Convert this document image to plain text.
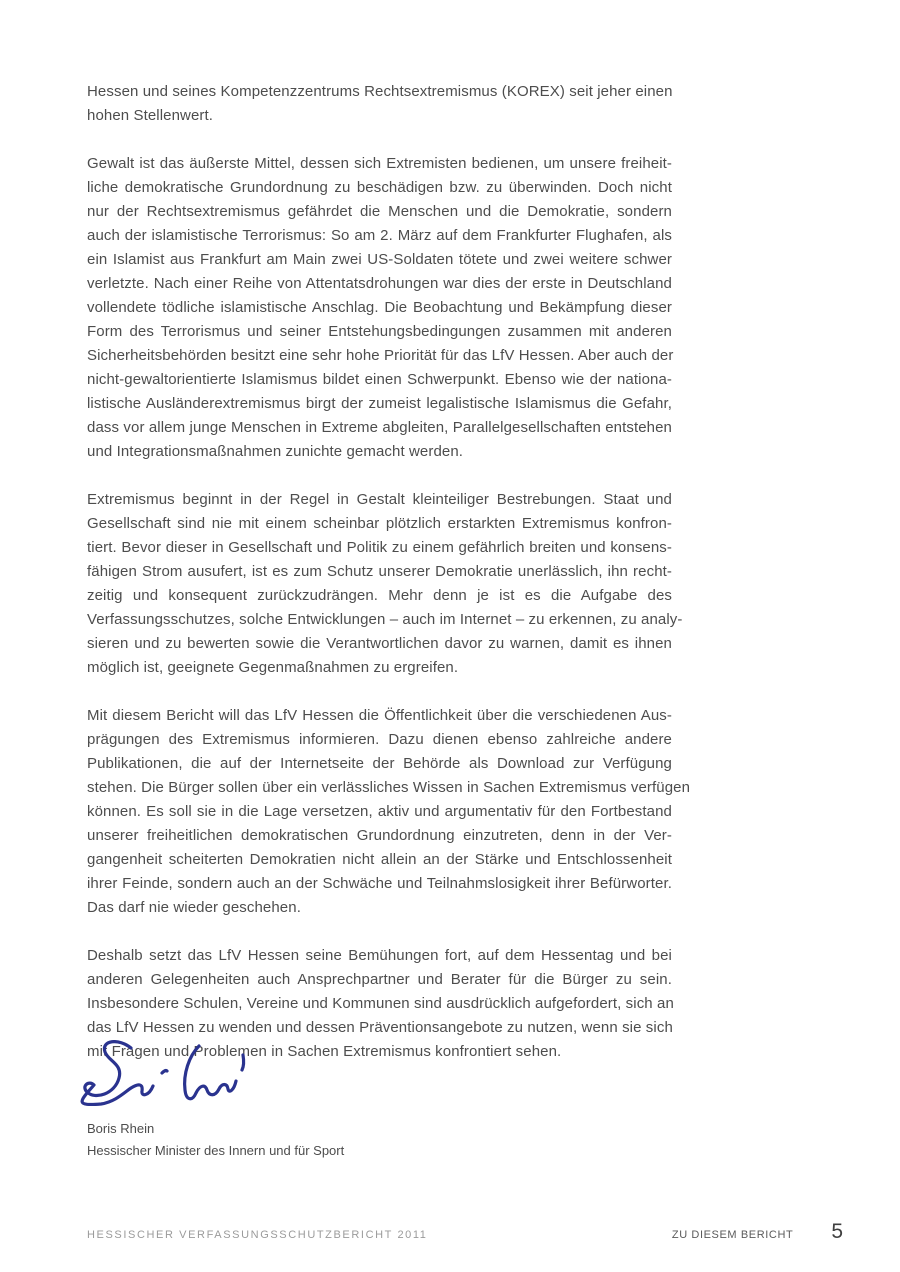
Hessen und seines Kompetenzzentrums Rechtsextremismus (KOREX) seit jeher einen
hohen Stellenwert.
Gewalt ist das äußerste Mittel, dessen sich Extremisten bedienen, um unsere freiheit-
liche demokratische Grundordnung zu beschädigen bzw. zu überwinden. Doch nicht
nur der Rechtsextremismus gefährdet die Menschen und die Demokratie, sondern
auch der islamistische Terrorismus: So am 2. März auf dem Frankfurter Flughafen, als
ein Islamist aus Frankfurt am Main zwei US-Soldaten tötete und zwei weitere schwer
verletzte. Nach einer Reihe von Attentatsdrohungen war dies der erste in Deutschland
vollendete tödliche islamistische Anschlag. Die Beobachtung und Bekämpfung dieser
Form des Terrorismus und seiner Entstehungsbedingungen zusammen mit anderen
Sicherheitsbehörden besitzt eine sehr hohe Priorität für das LfV Hessen. Aber auch der
nicht-gewaltorientierte Islamismus bildet einen Schwerpunkt. Ebenso wie der nationa-
listische Ausländerextremismus birgt der zumeist legalistische Islamismus die Gefahr,
dass vor allem junge Menschen in Extreme abgleiten, Parallelgesellschaften entstehen
und Integrationsmaßnahmen zunichte gemacht werden.
Extremismus beginnt in der Regel in Gestalt kleinteiliger Bestrebungen. Staat und
Gesellschaft sind nie mit einem scheinbar plötzlich erstarkten Extremismus konfron-
tiert. Bevor dieser in Gesellschaft und Politik zu einem gefährlich breiten und konsens-
fähigen Strom ausufert, ist es zum Schutz unserer Demokratie unerlässlich, ihn recht-
zeitig und konsequent zurückzudrängen. Mehr denn je ist es die Aufgabe des
Verfassungsschutzes, solche Entwicklungen – auch im Internet – zu erkennen, zu analy-
sieren und zu bewerten sowie die Verantwortlichen davor zu warnen, damit es ihnen
möglich ist, geeignete Gegenmaßnahmen zu ergreifen.
Mit diesem Bericht will das LfV Hessen die Öffentlichkeit über die verschiedenen Aus-
prägungen des Extremismus informieren. Dazu dienen ebenso zahlreiche andere
Publikationen, die auf der Internetseite der Behörde als Download zur Verfügung
stehen. Die Bürger sollen über ein verlässliches Wissen in Sachen Extremismus verfügen
können. Es soll sie in die Lage versetzen, aktiv und argumentativ für den Fortbestand
unserer freiheitlichen demokratischen Grundordnung einzutreten, denn in der Ver-
gangenheit scheiterten Demokratien nicht allein an der Stärke und Entschlossenheit
ihrer Feinde, sondern auch an der Schwäche und Teilnahmslosigkeit ihrer Befürworter.
Das darf nie wieder geschehen.
Deshalb setzt das LfV Hessen seine Bemühungen fort, auf dem Hessentag und bei
anderen Gelegenheiten auch Ansprechpartner und Berater für die Bürger zu sein.
Insbesondere Schulen, Vereine und Kommunen sind ausdrücklich aufgefordert, sich an
das LfV Hessen zu wenden und dessen Präventionsangebote zu nutzen, wenn sie sich
mit Fragen und Problemen in Sachen Extremismus konfrontiert sehen.
Boris Rhein
Hessischer Minister des Innern und für Sport
HESSISCHER VERFASSUNGSSCHUTZBERICHT 2011	ZU DIESEM BERICHT 5
